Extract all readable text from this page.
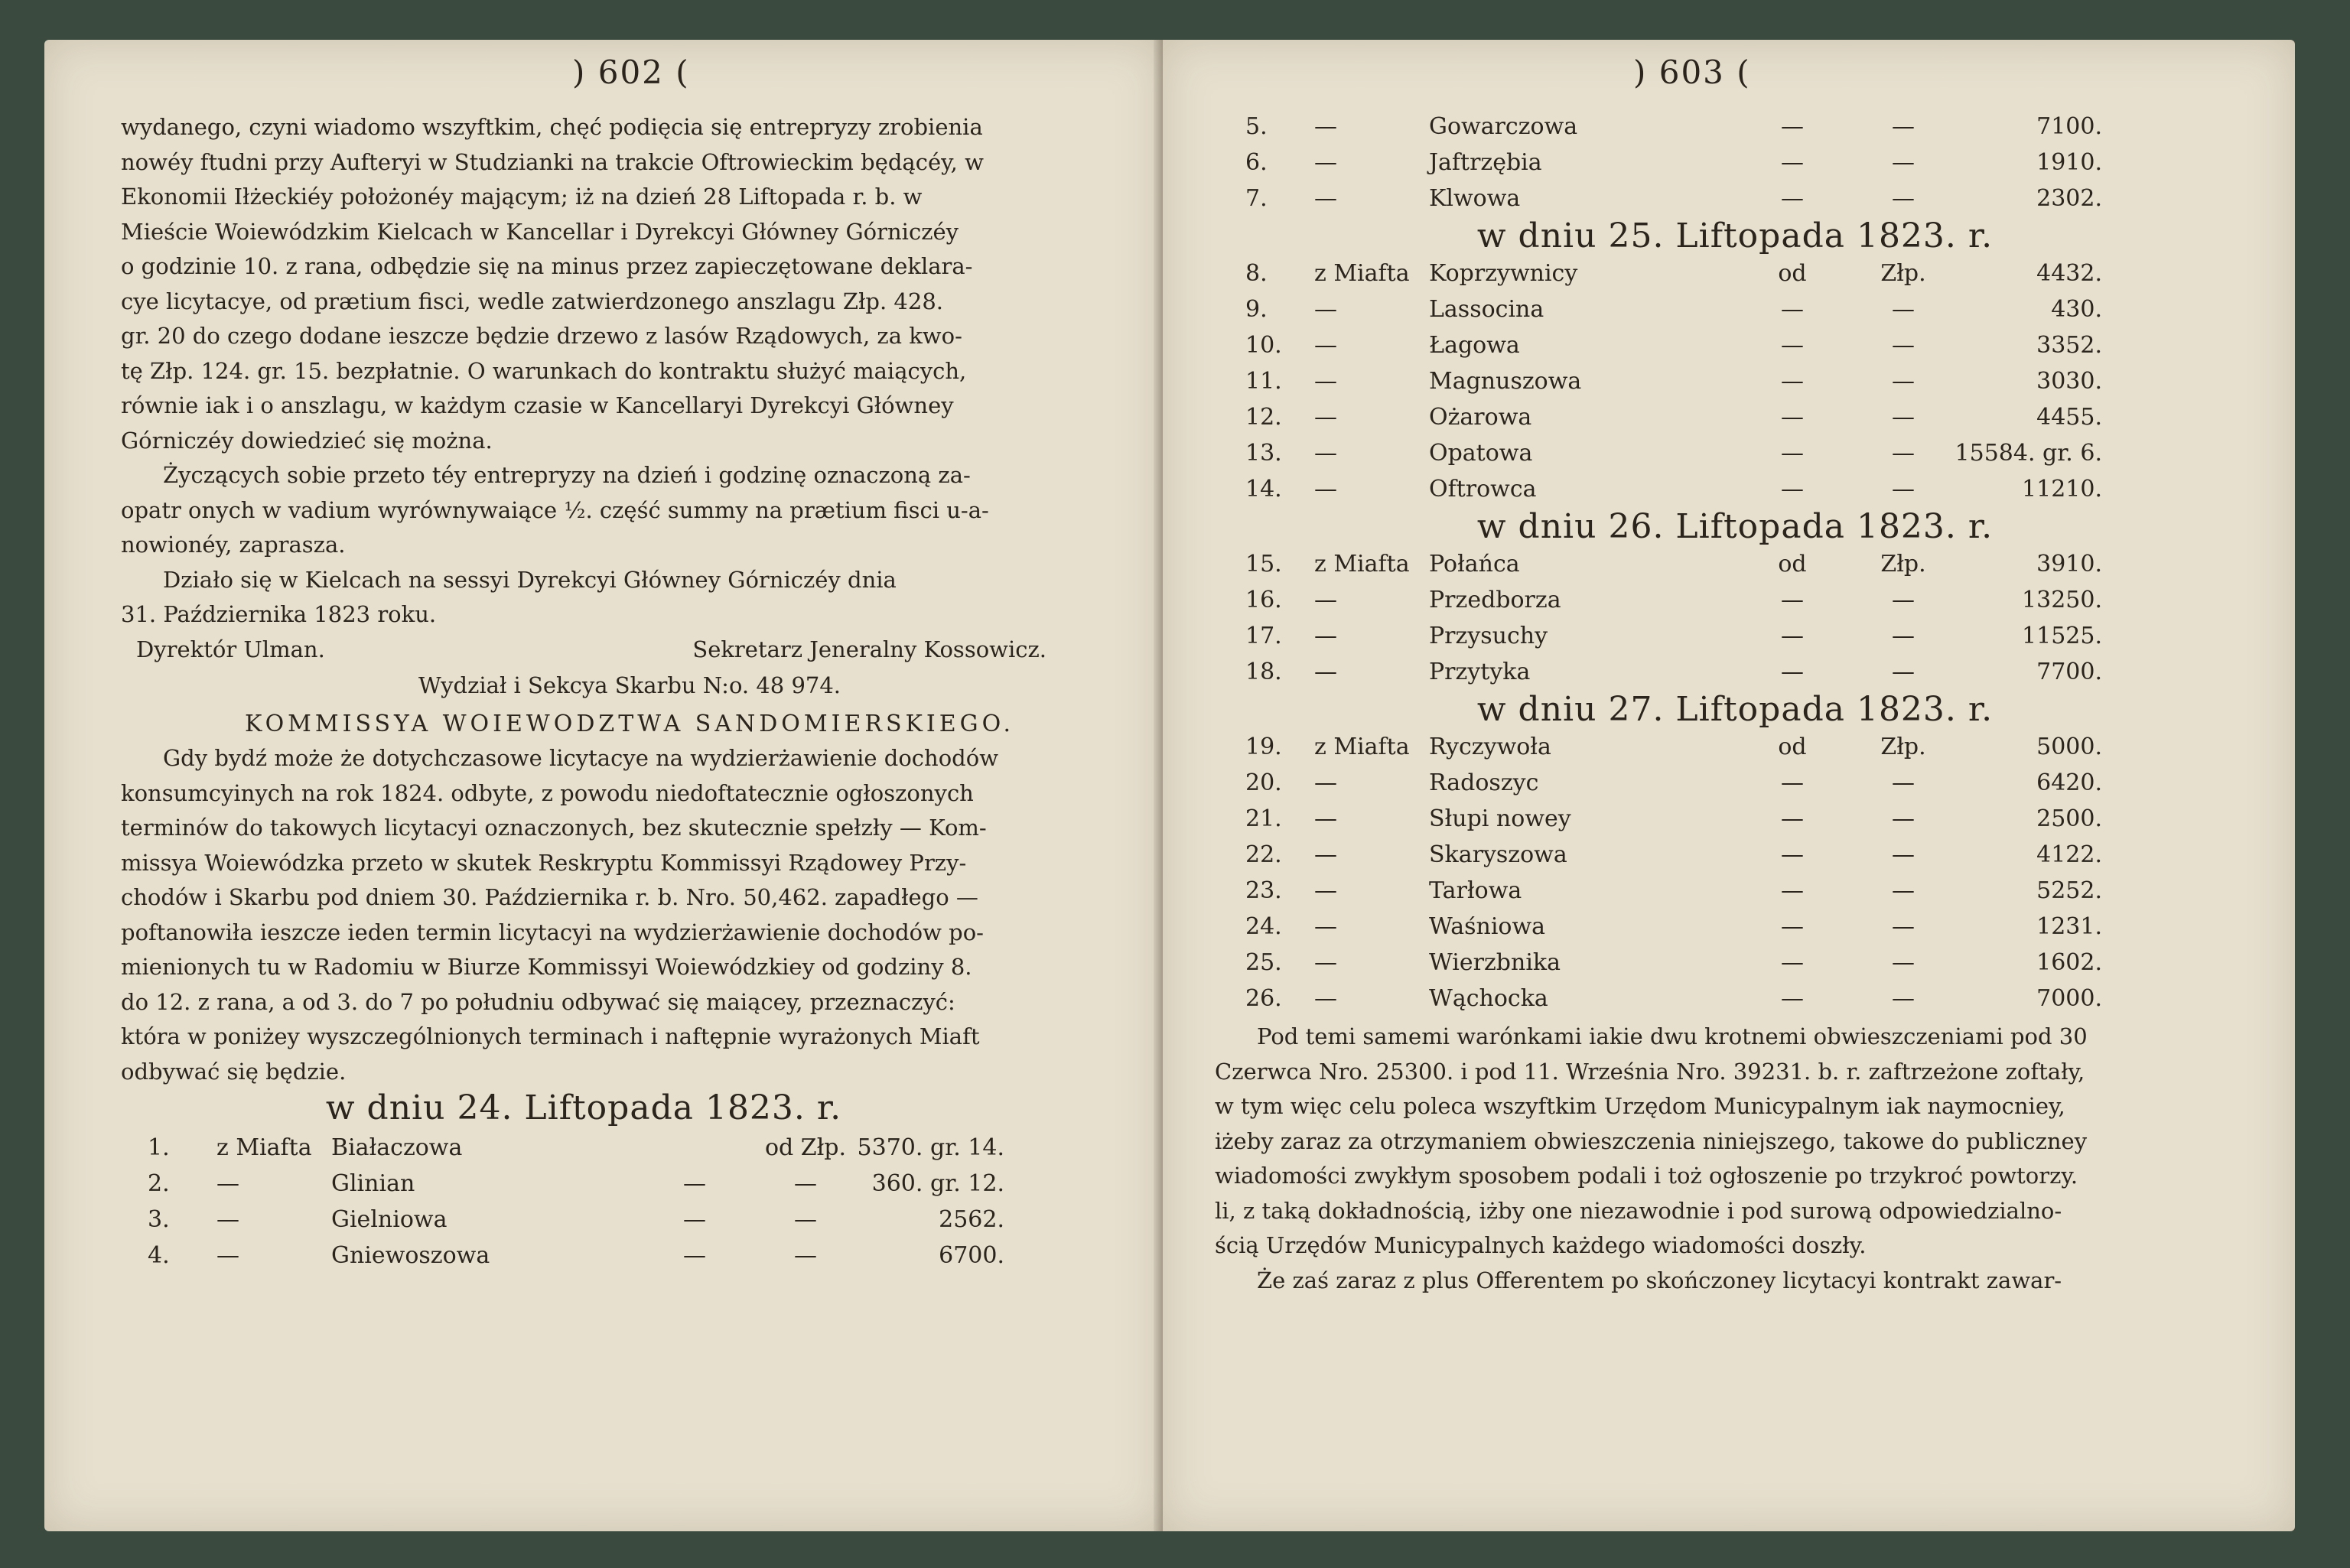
) 602 (
wydanego, czyni wiadomo wszyftkim, chęć podięcia się entrepryzy zrobienia
nowéy ftudni przy Aufteryi w Studzianki na trakcie Oftrowieckim będącéy, w
Ekonomii Iłżeckiéy położonéy mającym; iż na dzień 28 Liftopada r. b. w
Mieście Woiewódzkim Kielcach w Kancellar i Dyrekcyi Główney Górniczéy
o godzinie 10. z rana, odbędzie się na minus przez zapieczętowane deklara-
cye licytacye, od prætium fisci, wedle zatwierdzonego anszlagu Złp. 428.
gr. 20 do czego dodane ieszcze będzie drzewo z lasów Rządowych, za kwo-
tę Złp. 124. gr. 15. bezpłatnie. O warunkach do kontraktu służyć maiących,
równie iak i o anszlagu, w każdym czasie w Kancellaryi Dyrekcyi Główney
Górniczéy dowiedzieć się można.
Życzących sobie przeto téy entrepryzy na dzień i godzinę oznaczoną za-
opatr onych w vadium wyrównywaiące ½. część summy na prætium fisci u-a-
nowionéy, zaprasza.
Działo się w Kielcach na sessyi Dyrekcyi Główney Górniczéy dnia
31. Października 1823 roku.
Dyrektór Ulman.	Sekretarz Jeneralny Kossowicz.
Wydział i Sekcya Skarbu N:o. 48 974.
KOMMISSYA WOIEWODZTWA SANDOMIERSKIEGO.
Gdy bydź może że dotychczasowe licytacye na wydzierżawienie dochodów
konsumcyinych na rok 1824. odbyte, z powodu niedoftatecznie ogłoszonych
terminów do takowych licytacyi oznaczonych, bez skutecznie spełzły — Kom-
missya Woiewódzka przeto w skutek Reskryptu Kommissyi Rządowey Przy-
chodów i Skarbu pod dniem 30. Października r. b. Nro. 50,462. zapadłego —
poftanowiła ieszcze ieden termin licytacyi na wydzierżawienie dochodów po-
mienionych tu w Radomiu w Biurze Kommissyi Woiewódzkiey od godziny 8.
do 12. z rana, a od 3. do 7 po południu odbywać się maiącey, przeznaczyć:
która w poniżey wyszczególnionych terminach i naftępnie wyrażonych Miaft
odbywać się będzie.
w dniu 24. Liftopada 1823. r.
1.	z Miafta	Białaczowa		od Złp.	5370. gr. 14.
2.	—	Glinian	—	—	360. gr. 12.
3.	—	Gielniowa	—	—	2562.
4.	—	Gniewoszowa	—	—	6700.
) 603 (
5.	—	Gowarczowa	—	—	7100.
6.	—	Jaftrzębia	—	—	1910.
7.	—	Klwowa	—	—	2302.
w dniu 25. Liftopada 1823. r.
8.	z Miafta	Koprzywnicy	od	Złp.	4432.
9.	—	Lassocina	—	—	430.
10.	—	Łagowa	—	—	3352.
11.	—	Magnuszowa	—	—	3030.
12.	—	Ożarowa	—	—	4455.
13.	—	Opatowa	—	—	15584. gr. 6.
14.	—	Oftrowca	—	—	11210.
w dniu 26. Liftopada 1823. r.
15.	z Miafta	Połańca	od	Złp.	3910.
16.	—	Przedborza	—	—	13250.
17.	—	Przysuchy	—	—	11525.
18.	—	Przytyka	—	—	7700.
w dniu 27. Liftopada 1823. r.
19.	z Miafta	Ryczywoła	od	Złp.	5000.
20.	—	Radoszyc	—	—	6420.
21.	—	Słupi nowey	—	—	2500.
22.	—	Skaryszowa	—	—	4122.
23.	—	Tarłowa	—	—	5252.
24.	—	Waśniowa	—	—	1231.
25.	—	Wierzbnika	—	—	1602.
26.	—	Wąchocka	—	—	7000.
Pod temi samemi warónkami iakie dwu krotnemi obwieszczeniami pod 30
Czerwca Nro. 25300. i pod 11. Września Nro. 39231. b. r. zaftrzeżone zoftały,
w tym więc celu poleca wszyftkim Urzędom Municypalnym iak naymocniey,
iżeby zaraz za otrzymaniem obwieszczenia niniejszego, takowe do publiczney
wiadomości zwykłym sposobem podali i toż ogłoszenie po trzykroć powtorzy.
li, z taką dokładnością, iżby one niezawodnie i pod surową odpowiedzialno-
ścią Urzędów Municypalnych każdego wiadomości doszły.
Że zaś zaraz z plus Offerentem po skończoney licytacyi kontrakt zawar-
